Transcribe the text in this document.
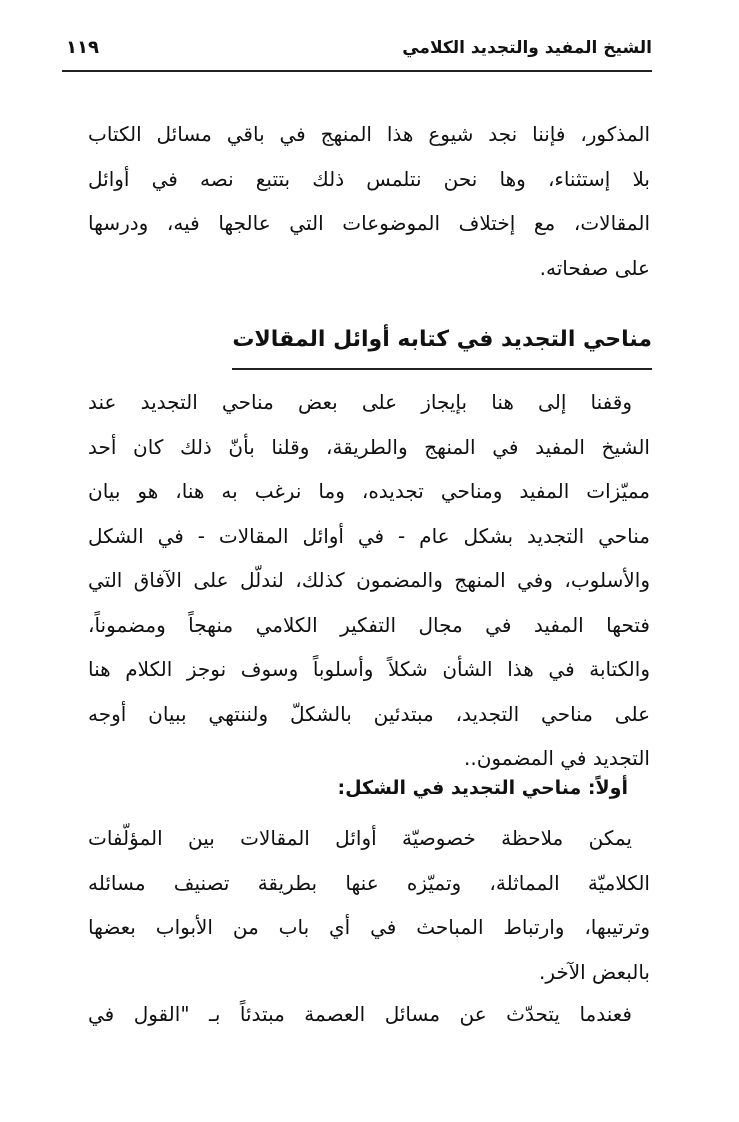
الشيخ المفيد والتجديد الكلامي
١١٩

المذكور، فإننا نجد شيوع هذا المنهج في باقي مسائل الكتاب
بلا إستثناء، وها نحن نتلمس ذلك بتتبع نصه في أوائل
المقالات، مع إختلاف الموضوعات التي عالجها فيه، ودرسها
على صفحاته.

مناحي التجديد في كتابه أوائل المقالات

وقفنا إلى هنا بإيجاز على بعض مناحي التجديد عند
الشيخ المفيد في المنهج والطريقة، وقلنا بأنّ ذلك كان أحد
مميّزات المفيد ومناحي تجديده، وما نرغب به هنا، هو بيان
مناحي التجديد بشكل عام - في أوائل المقالات - في الشكل
والأسلوب، وفي المنهج والمضمون كذلك، لندلّل على الآفاق التي
فتحها المفيد في مجال التفكير الكلامي منهجاً ومضموناً،
والكتابة في هذا الشأن شكلاً وأسلوباً وسوف نوجز الكلام هنا
على مناحي التجديد، مبتدئين بالشكلّ ولننتهي ببيان أوجه
التجديد في المضمون..

أولاً: مناحي التجديد في الشكل:

يمكن ملاحظة خصوصيّة أوائل المقالات بين المؤلّفات
الكلاميّة المماثلة، وتميّزه عنها بطريقة تصنيف مسائله
وترتيبها، وارتباط المباحث في أي باب من الأبواب بعضها
بالبعض الآخر.

فعندما يتحدّث عن مسائل العصمة مبتدئاً بـ "القول في
